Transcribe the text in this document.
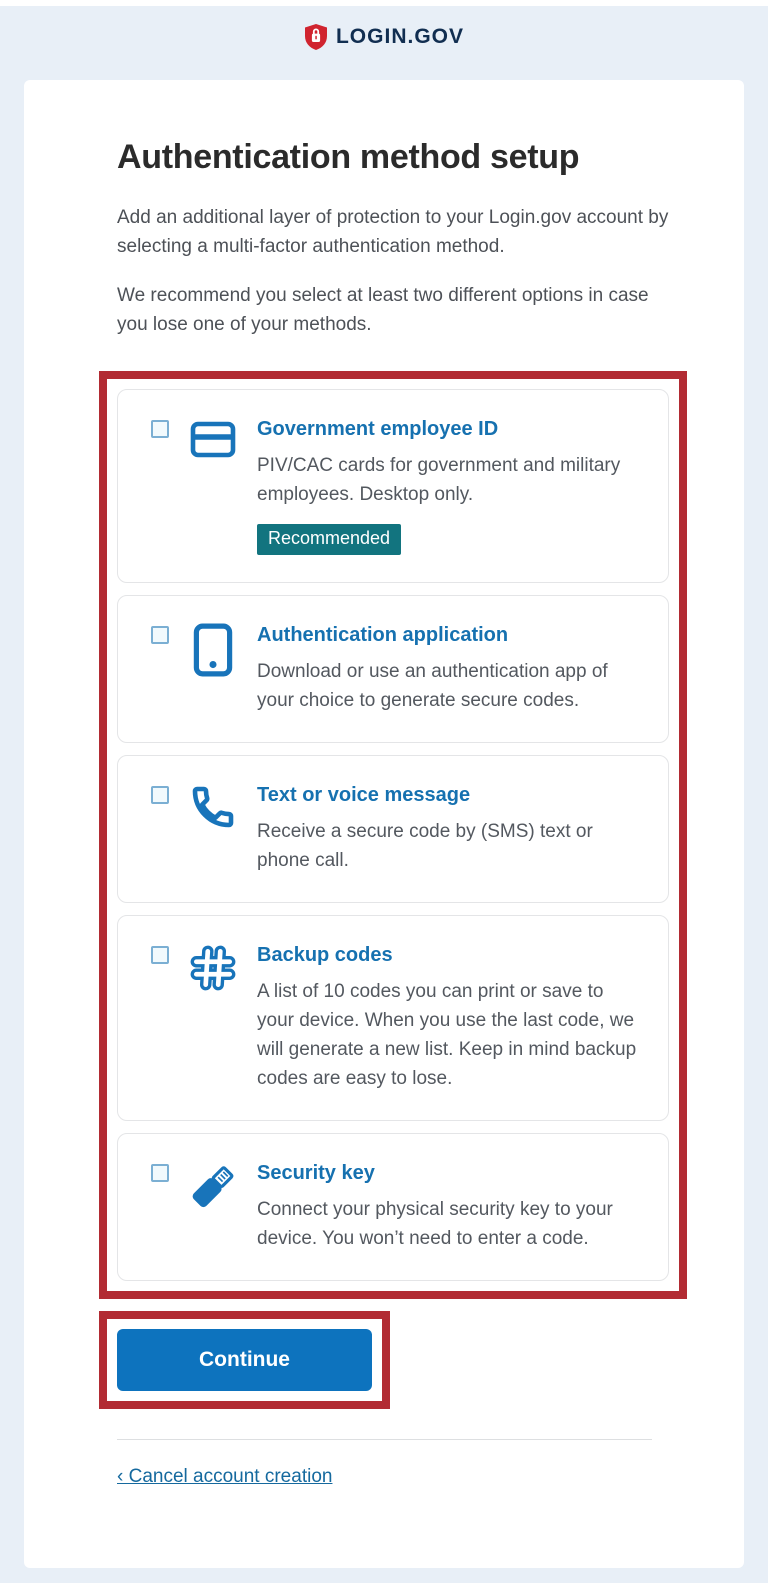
LOGIN.GOV
Authentication method setup

Add an additional layer of protection to your Login.gov account by selecting a multi-factor authentication method.

We recommend you select at least two different options in case you lose one of your methods.

Government employee ID

PIV/CAC cards for government and military employees. Desktop only.

Recommended
Authentication application

Download or use an authentication app of your choice to generate secure codes.

Text or voice message

Receive a secure code by (SMS) text or phone call.

Backup codes

A list of 10 codes you can print or save to your device. When you use the last code, we will generate a new list. Keep in mind backup codes are easy to lose.

Security key

Connect your physical security key to your device. You won’t need to enter a code.

Continue
‹ Cancel account creation
